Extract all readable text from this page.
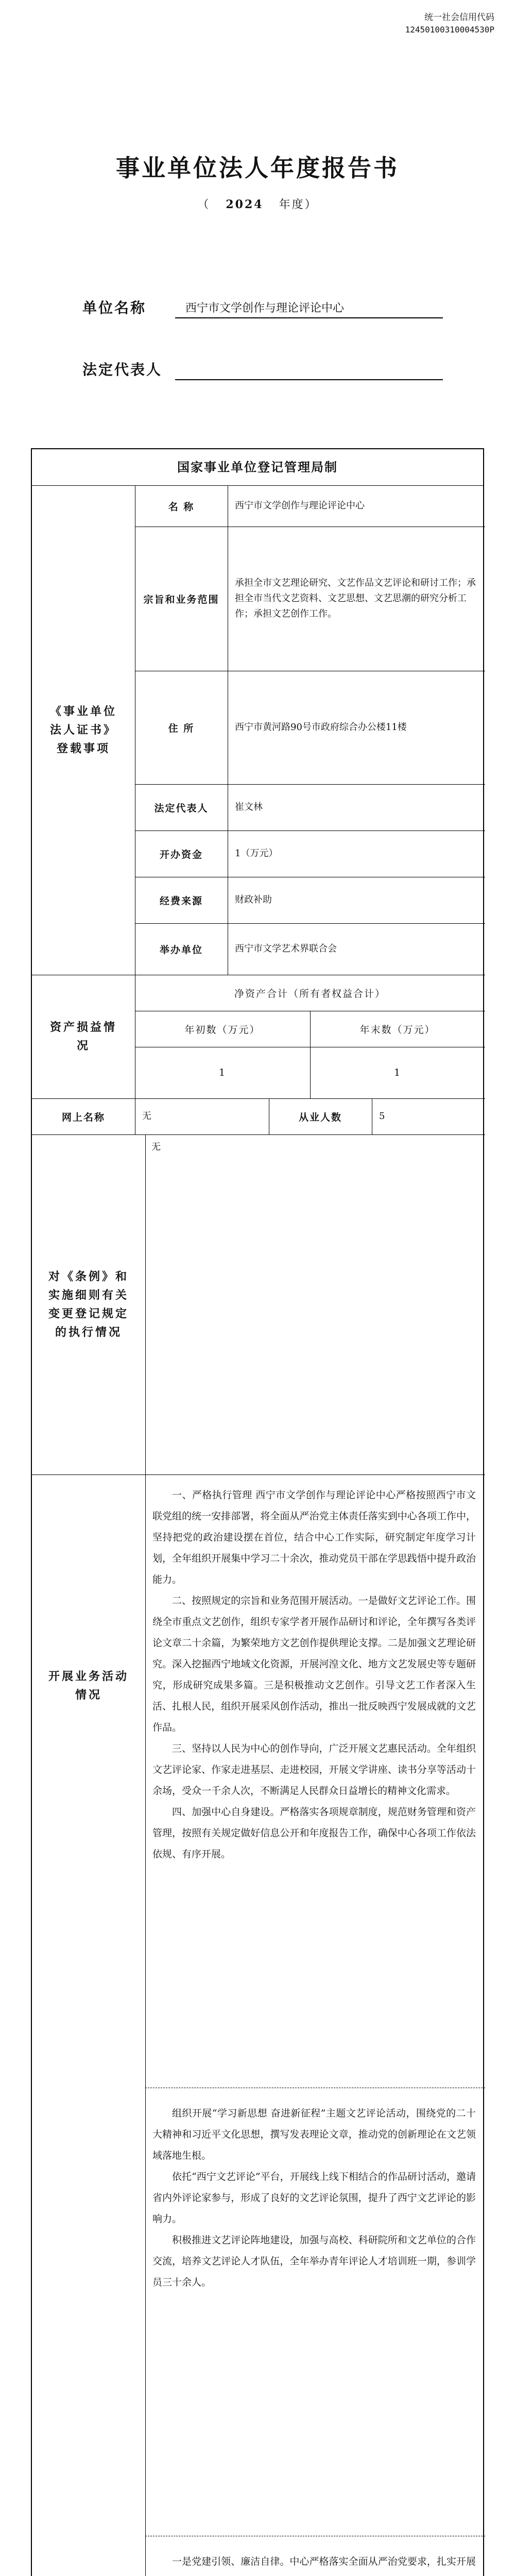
统一社会信用代码
12450100310004530P
事业单位法人年度报告书
（ 2024 年度）
单位名称	西宁市文学创作与理论评论中心
法定代表人
国家事业单位登记管理局制
《事业单位法人证书》登载事项
名 称	西宁市文学创作与理论评论中心
宗旨和业务范围
承担全市文艺理论研究、文艺作品文艺评论和研讨工作；承担全市当代文艺资料、文艺思想、文艺思潮的研究分析工作；承担文艺创作工作。
住 所	西宁市黄河路90号市政府综合办公楼11楼
法定代表人	崔文林
开办资金	1（万元）
经费来源	财政补助
举办单位	西宁市文学艺术界联合会
资产损益情况
净资产合计（所有者权益合计）
年初数（万元）	年末数（万元）
1	1
网上名称	无	从业人数	5
对《条例》和实施细则有关变更登记规定的执行情况
无
开展业务活动情况

一、严格执行管理 西宁市文学创作与理论评论中心严格按照西宁市文联党组的统一安排部署，将全面从严治党主体责任落实到中心各项工作中，坚持把党的政治建设摆在首位，结合中心工作实际，研究制定年度学习计划，全年组织开展集中学习二十余次，推动党员干部在学思践悟中提升政治能力。

二、按照规定的宗旨和业务范围开展活动。一是做好文艺评论工作。围绕全市重点文艺创作，组织专家学者开展作品研讨和评论，全年撰写各类评论文章二十余篇，为繁荣地方文艺创作提供理论支撑。二是加强文艺理论研究。深入挖掘西宁地域文化资源，开展河湟文化、地方文艺发展史等专题研究，形成研究成果多篇。三是积极推动文艺创作。引导文艺工作者深入生活、扎根人民，组织开展采风创作活动，推出一批反映西宁发展成就的文艺作品。

三、坚持以人民为中心的创作导向，广泛开展文艺惠民活动。全年组织文艺评论家、作家走进基层、走进校园，开展文学讲座、读书分享等活动十余场，受众一千余人次，不断满足人民群众日益增长的精神文化需求。

四、加强中心自身建设。严格落实各项规章制度，规范财务管理和资产管理，按照有关规定做好信息公开和年度报告工作，确保中心各项工作依法依规、有序开展。

组织开展“学习新思想 奋进新征程”主题文艺评论活动，围绕党的二十大精神和习近平文化思想，撰写发表理论文章，推动党的创新理论在文艺领域落地生根。

依托“西宁文艺评论”平台，开展线上线下相结合的作品研讨活动，邀请省内外评论家参与，形成了良好的文艺评论氛围，提升了西宁文艺评论的影响力。

积极推进文艺评论阵地建设，加强与高校、科研院所和文艺单位的合作交流，培养文艺评论人才队伍，全年举办青年评论人才培训班一期，参训学员三十余人。

一是党建引领、廉洁自律。中心严格落实全面从严治党要求，扎实开展
